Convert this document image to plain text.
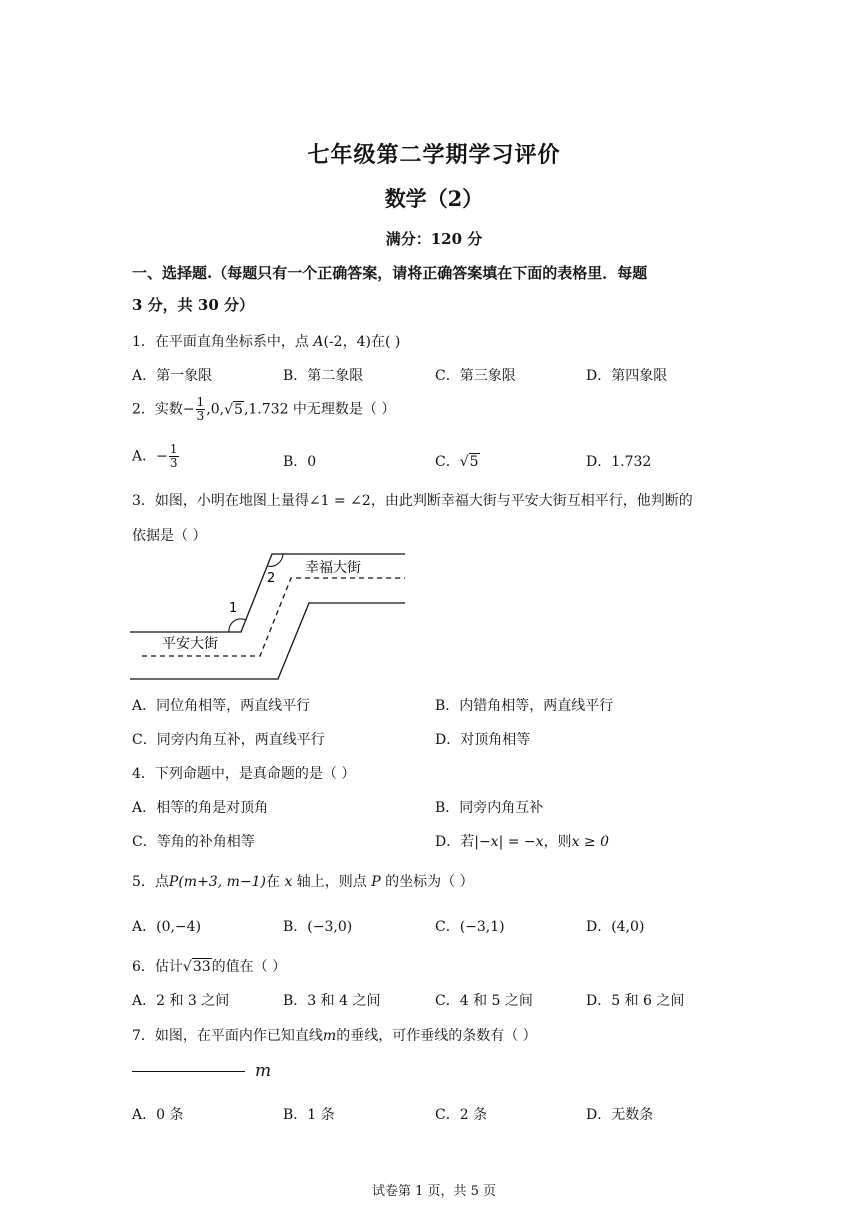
七年级第二学期学习评价
数学（2）
满分：120 分
一、选择题.（每题只有一个正确答案，请将正确答案填在下面的表格里．每题
3 分，共 30 分）
1．在平面直角坐标系中，点 A(-2，4)在( )
A．第一象限	B．第二象限	C．第三象限	D．第四象限
2．实数− $\frac{1}{3} ,0,√5,1.732$ 中无理数是（ ）
A．− $\frac{1}{3}$	B．0	C．√5	D．1.732
3．如图，小明在地图上量得∠1 = ∠2，由此判断幸福大街与平安大街互相平行，他判断的
依据是（ ）
1
2
幸福大街
平安大街
A．同位角相等，两直线平行	B．内错角相等，两直线平行
C．同旁内角互补，两直线平行	D．对顶角相等
4．下列命题中，是真命题的是（ ）
A．相等的角是对顶角	B．同旁内角互补
C．等角的补角相等	D．若|−x| = −x，则x ≥ 0
5．点P(m+3, m−1)在 x 轴上，则点 P 的坐标为（ ）
A．(0,−4)	B．(−3,0)	C．(−3,1)	D．(4,0)
6．估计√33的值在（ ）
A．2 和 3 之间	B．3 和 4 之间	C．4 和 5 之间	D．5 和 6 之间
7．如图，在平面内作已知直线m的垂线，可作垂线的条数有（ ）
m
A．0 条	B．1 条	C．2 条	D．无数条
试卷第 1 页，共 5 页
